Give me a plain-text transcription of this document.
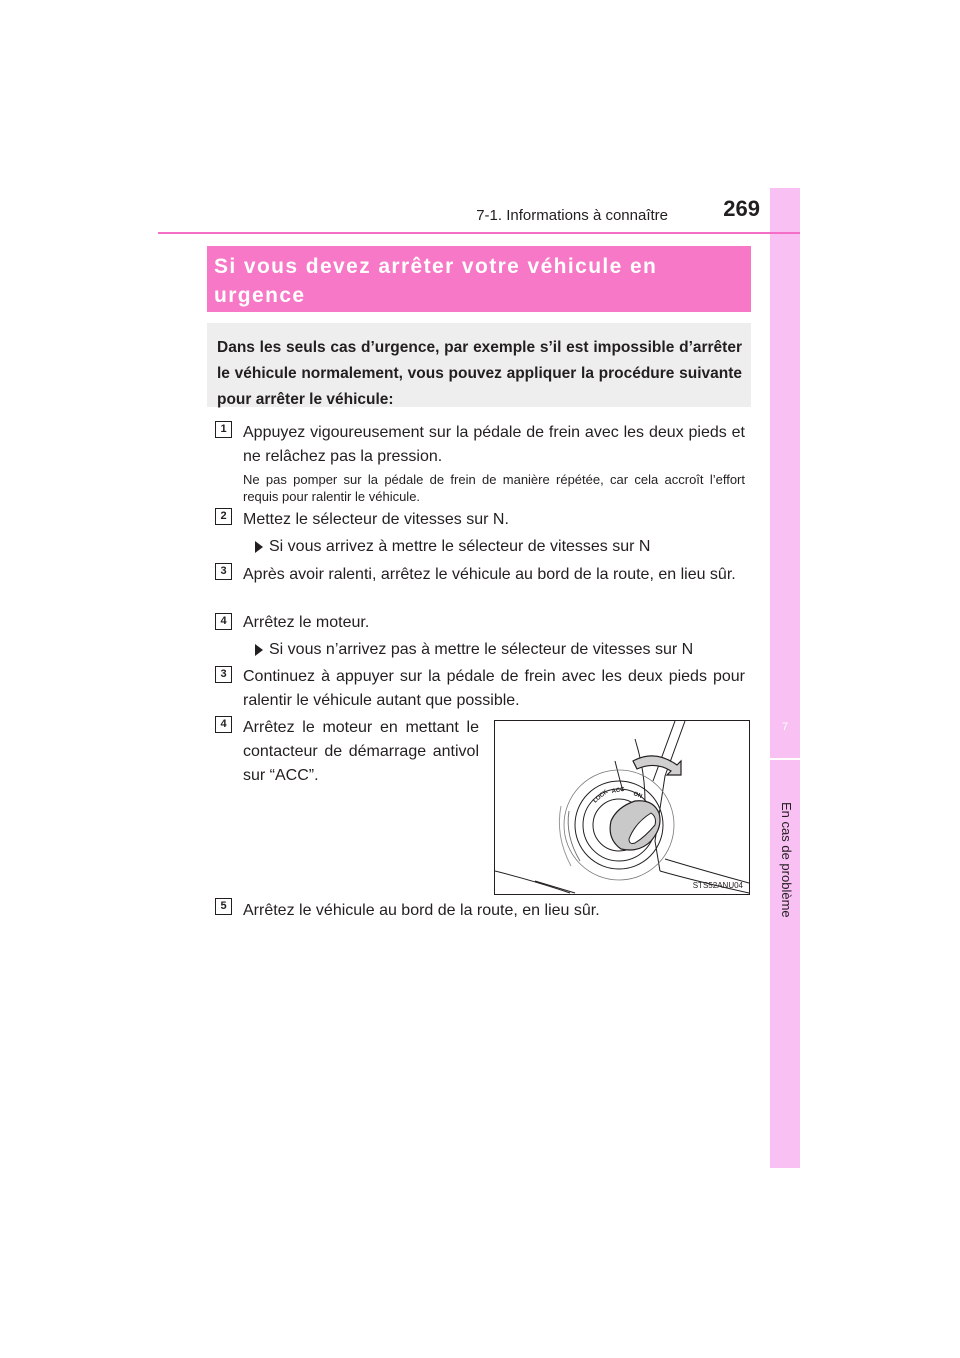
7
En cas de problème
7-1. Informations à connaître	269
Si vous devez arrêter votre véhicule en urgence

Dans les seuls cas d’urgence, par exemple s’il est impossible d’arrêter le véhicule normalement, vous pouvez appliquer la procédure suivante pour arrêter le véhicule:

1	Appuyez vigoureusement sur la pédale de frein avec les deux pieds et ne relâchez pas la pression.

Ne pas pomper sur la pédale de frein de manière répétée, car cela accroît l’effort requis pour ralentir le véhicule.

2	Mettez le sélecteur de vitesses sur N.

Si vous arrivez à mettre le sélecteur de vitesses sur N
3	Après avoir ralenti, arrêtez le véhicule au bord de la route, en lieu sûr.

4	Arrêtez le moteur.

Si vous n’arrivez pas à mettre le sélecteur de vitesses sur N
3	Continuez à appuyer sur la pédale de frein avec les deux pieds pour ralentir le véhicule autant que possible.

4	Arrêtez le moteur en mettant le contacteur de démarrage antivol sur “ACC”.

LOCK ACC
ON
STS52ANU04
5	Arrêtez le véhicule au bord de la route, en lieu sûr.
